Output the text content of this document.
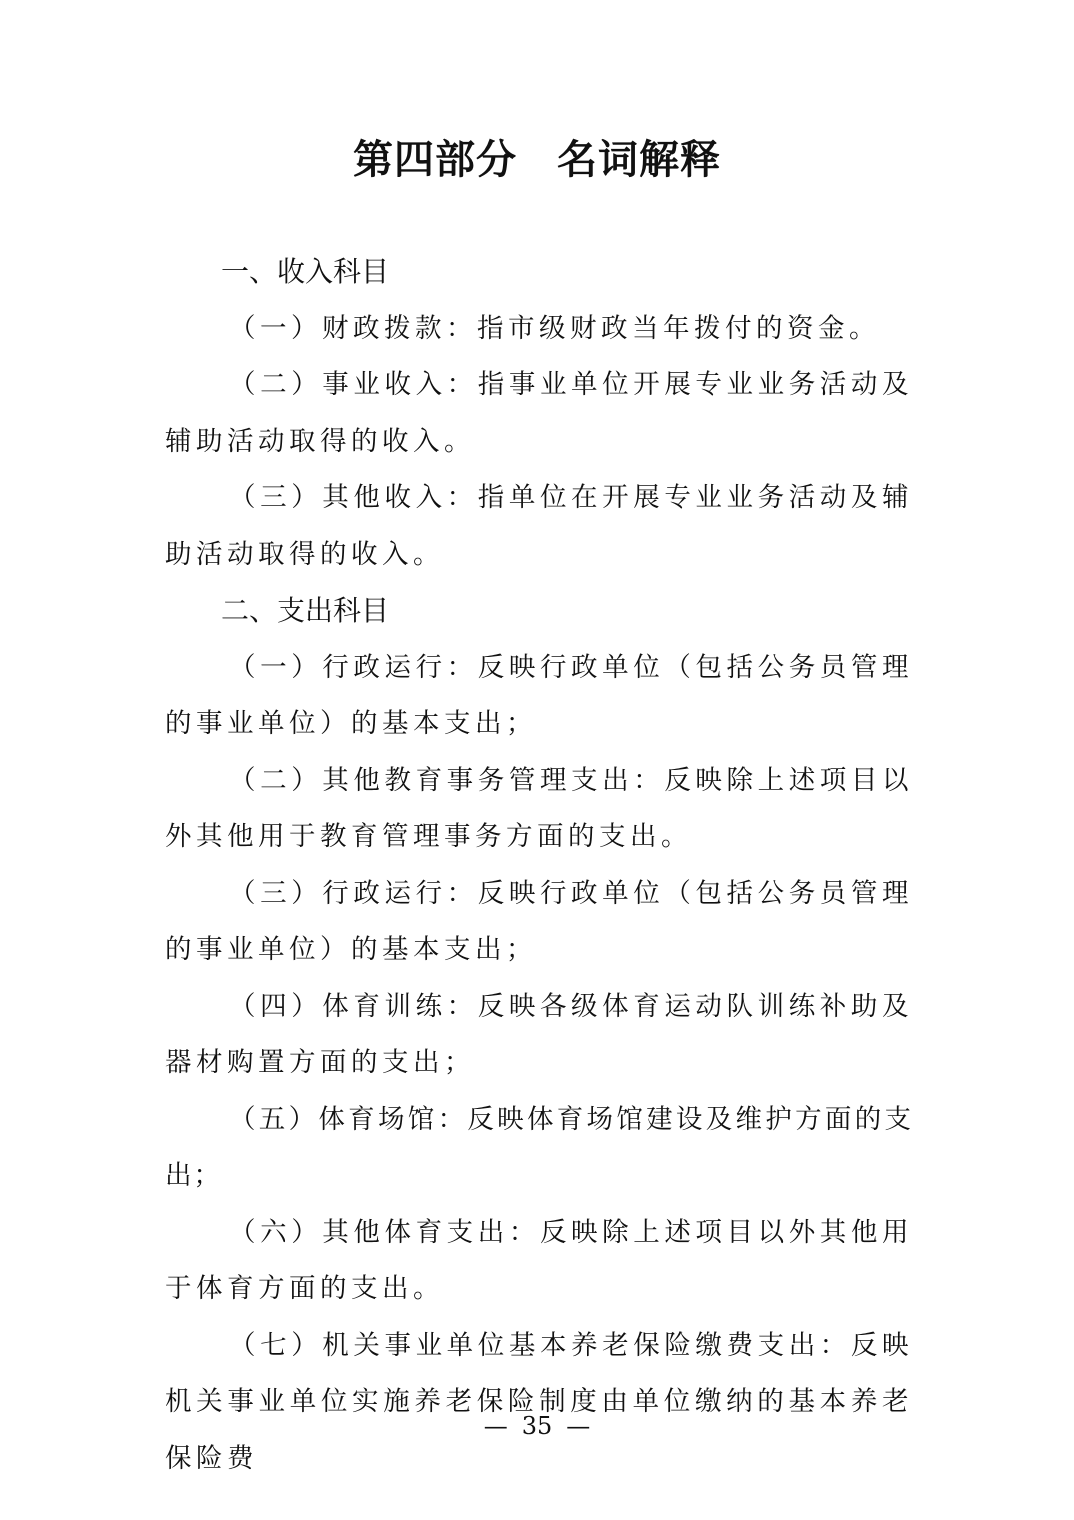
第四部分 名词解释

一、收入科目

（一）财政拨款：指市级财政当年拨付的资金。

（二）事业收入：指事业单位开展专业业务活动及辅助活动取得的收入。

（三）其他收入：指单位在开展专业业务活动及辅助活动取得的收入。

二、支出科目

（一）行政运行：反映行政单位（包括公务员管理的事业单位）的基本支出；

（二）其他教育事务管理支出：反映除上述项目以外其他用于教育管理事务方面的支出。

（三）行政运行：反映行政单位（包括公务员管理的事业单位）的基本支出；

（四）体育训练：反映各级体育运动队训练补助及器材购置方面的支出；

（五）体育场馆：反映体育场馆建设及维护方面的支出；

（六）其他体育支出：反映除上述项目以外其他用于体育方面的支出。

（七）机关事业单位基本养老保险缴费支出：反映机关事业单位实施养老保险制度由单位缴纳的基本养老保险费

— 35 —
